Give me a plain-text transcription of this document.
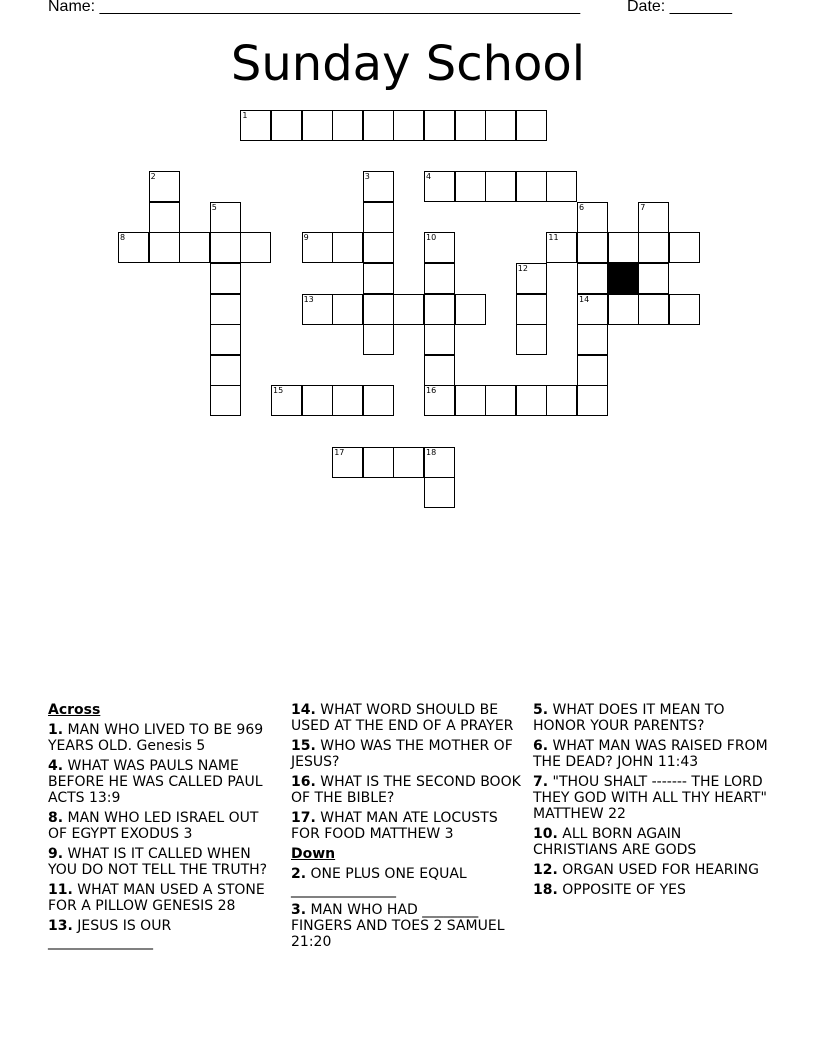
Name: ______________________________________________________	Date: _______
Sunday School
1
2	3	4
5	6	7
8	9	10	11
12
13	14
15	16
17	18
Across
1. MAN WHO LIVED TO BE 969 YEARS OLD. Genesis 5
4. WHAT WAS PAULS NAME BEFORE HE WAS CALLED PAUL ACTS 13:9
8. MAN WHO LED ISRAEL OUT OF EGYPT EXODUS 3
9. WHAT IS IT CALLED WHEN YOU DO NOT TELL THE TRUTH?
11. WHAT MAN USED A STONE FOR A PILLOW GENESIS 28
13. JESUS IS OUR _______________
14. WHAT WORD SHOULD BE USED AT THE END OF A PRAYER
15. WHO WAS THE MOTHER OF JESUS?
16. WHAT IS THE SECOND BOOK OF THE BIBLE?
17. WHAT MAN ATE LOCUSTS FOR FOOD MATTHEW 3
Down
2. ONE PLUS ONE EQUAL _______________
3. MAN WHO HAD ________ FINGERS AND TOES 2 SAMUEL 21:20
5. WHAT DOES IT MEAN TO HONOR YOUR PARENTS?
6. WHAT MAN WAS RAISED FROM THE DEAD? JOHN 11:43
7. "THOU SHALT ------- THE LORD THEY GOD WITH ALL THY HEART" MATTHEW 22
10. ALL BORN AGAIN CHRISTIANS ARE GODS
12. ORGAN USED FOR HEARING
18. OPPOSITE OF YES
